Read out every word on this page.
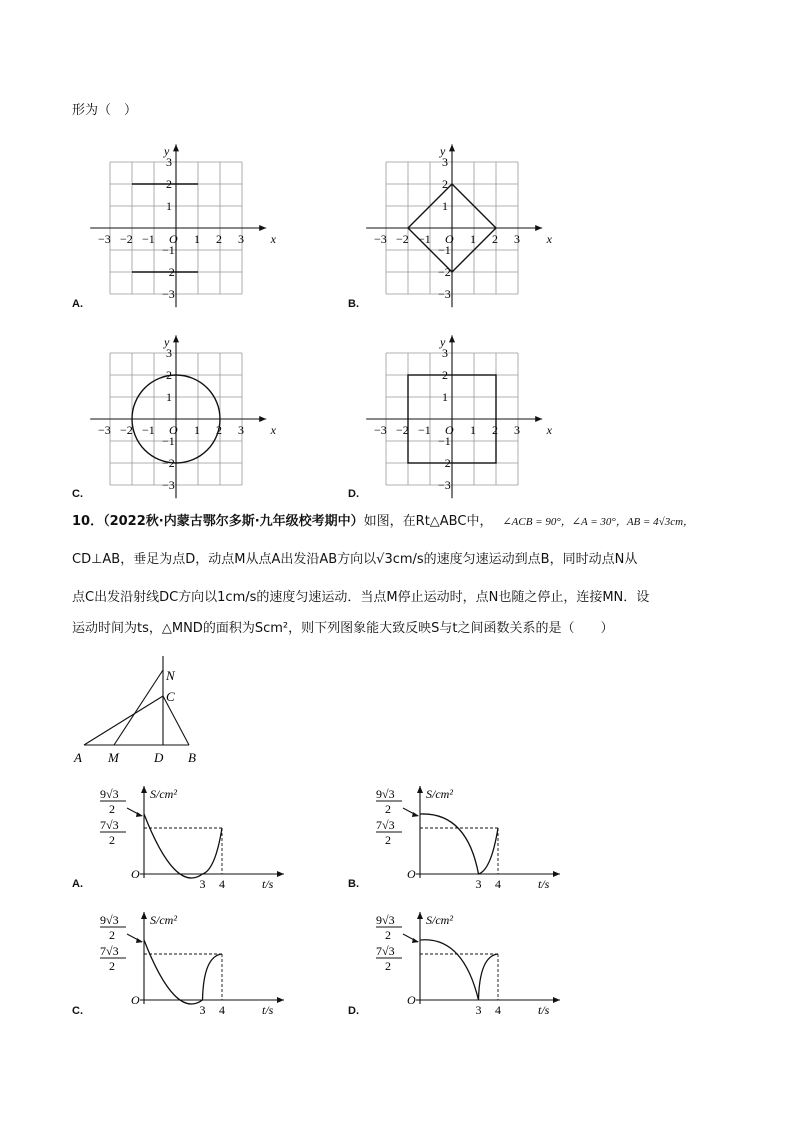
形为（　）
x
y
O
−3 −2 −1	1 2 3
3
2
1
−1
−2
−3
A.
x
y
O
−3 −2 −1	1 2 3
3
2
1
−1
−2
−3
B.
x
y
O
−3 −2 −1	1 2 3
3
2
1
−1
−2
−3
C.
x
y
O
−3 −2 −1	1 2 3
3
2
1
−1
−2
−3
D.
10．（2022秋·内蒙古鄂尔多斯·九年级校考期中）如图，在Rt△ABC中， ∠ACB = 90°，∠A = 30°，AB = 4√3cm，
CD⊥AB，垂足为点D，动点M从点A出发沿AB方向以√3cm/s的速度匀速运动到点B，同时动点N从
点C出发沿射线DC方向以1cm/s的速度匀速运动．当点M停止运动时，点N也随之停止，连接MN．设
运动时间为ts，△MND的面积为Scm²，则下列图象能大致反映S与t之间函数关系的是（　　）
A M	D B
C
N
S/cm²
t/s
O
3 4
9√3
2
7√3
2
A.
S/cm²
t/s
O
3 4
9√3
2
7√3
2
B.
S/cm²
t/s
O
3 4
9√3
2
7√3
2
C.
S/cm²
t/s
O
3 4
9√3
2
7√3
2
D.
